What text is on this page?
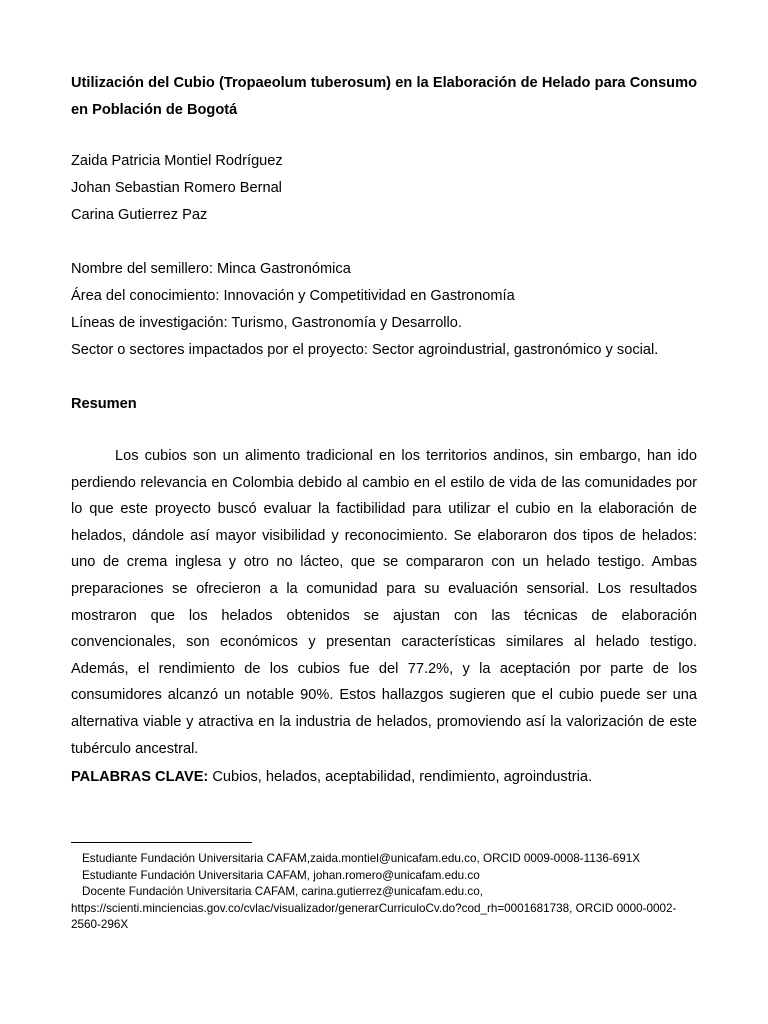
Utilización del Cubio (Tropaeolum tuberosum) en la Elaboración de Helado para Consumo en Población de Bogotá
Zaida Patricia Montiel Rodríguez
Johan Sebastian Romero Bernal
Carina Gutierrez Paz
Nombre del semillero: Minca Gastronómica
Área del conocimiento: Innovación y Competitividad en Gastronomía
Líneas de investigación: Turismo, Gastronomía y Desarrollo.
Sector o sectores impactados por el proyecto: Sector agroindustrial, gastronómico y social.
Resumen

Los cubios son un alimento tradicional en los territorios andinos, sin embargo, han ido perdiendo relevancia en Colombia debido al cambio en el estilo de vida de las comunidades por lo que este proyecto buscó evaluar la factibilidad para utilizar el cubio en la elaboración de helados, dándole así mayor visibilidad y reconocimiento. Se elaboraron dos tipos de helados: uno de crema inglesa y otro no lácteo, que se compararon con un helado testigo. Ambas preparaciones se ofrecieron a la comunidad para su evaluación sensorial. Los resultados mostraron que los helados obtenidos se ajustan con las técnicas de elaboración convencionales, son económicos y presentan características similares al helado testigo. Además, el rendimiento de los cubios fue del 77.2%, y la aceptación por parte de los consumidores alcanzó un notable 90%. Estos hallazgos sugieren que el cubio puede ser una alternativa viable y atractiva en la industria de helados, promoviendo así la valorización de este tubérculo ancestral.

PALABRAS CLAVE: Cubios, helados, aceptabilidad, rendimiento, agroindustria.

Estudiante Fundación Universitaria CAFAM,zaida.montiel@unicafam.edu.co, ORCID 0009-0008-1136-691X

Estudiante Fundación Universitaria CAFAM, johan.romero@unicafam.edu.co

Docente Fundación Universitaria CAFAM, carina.gutierrez@unicafam.edu.co, https://scienti.minciencias.gov.co/cvlac/visualizador/generarCurriculoCv.do?cod_rh=0001681738, ORCID 0000-0002-2560-296X
